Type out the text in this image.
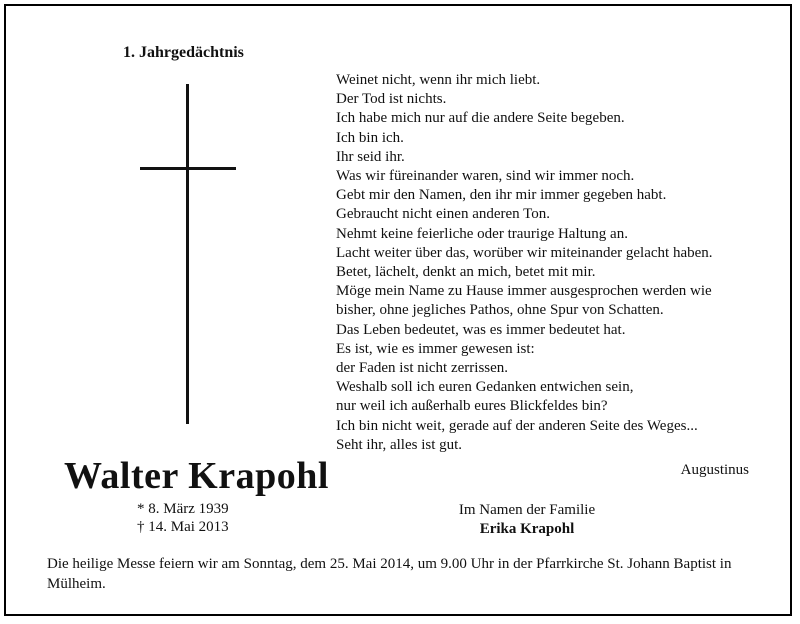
1. Jahrgedächtnis
Weinet nicht, wenn ihr mich liebt.
Der Tod ist nichts.
Ich habe mich nur auf die andere Seite begeben.
Ich bin ich.
Ihr seid ihr.
Was wir füreinander waren, sind wir immer noch.
Gebt mir den Namen, den ihr mir immer gegeben habt.
Gebraucht nicht einen anderen Ton.
Nehmt keine feierliche oder traurige Haltung an.
Lacht weiter über das, worüber wir miteinander gelacht haben.
Betet, lächelt, denkt an mich, betet mit mir.
Möge mein Name zu Hause immer ausgesprochen werden wie
bisher, ohne jegliches Pathos, ohne Spur von Schatten.
Das Leben bedeutet, was es immer bedeutet hat.
Es ist, wie es immer gewesen ist:
der Faden ist nicht zerrissen.
Weshalb soll ich euren Gedanken entwichen sein,
nur weil ich außerhalb eures Blickfeldes bin?
Ich bin nicht weit, gerade auf der anderen Seite des Weges...
Seht ihr, alles ist gut.
Augustinus
Walter Krapohl
* 8. März 1939
† 14. Mai 2013
Im Namen der Familie
Erika Krapohl
Die heilige Messe feiern wir am Sonntag, dem 25. Mai 2014, um 9.00 Uhr in der Pfarrkirche St. Johann Baptist in Mülheim.
